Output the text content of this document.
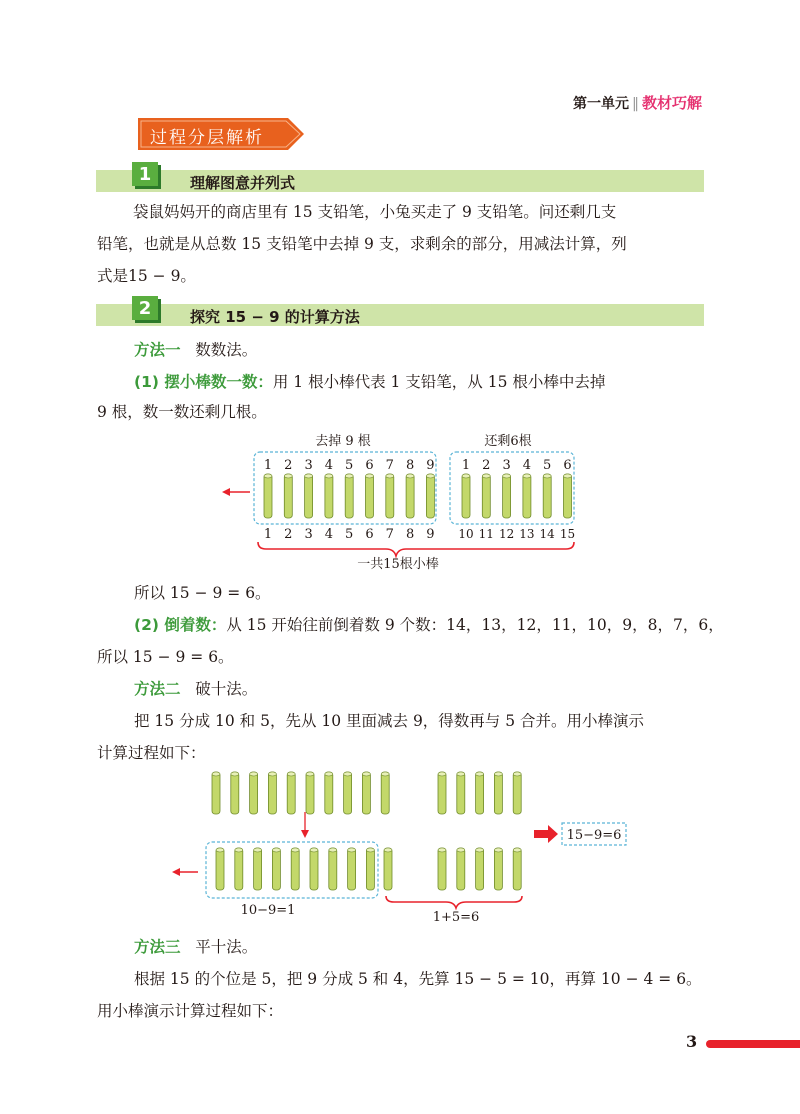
第一单元 ‖ 教材巧解
过程分层解析
1	理解图意并列式
袋鼠妈妈开的商店里有 15 支铅笔，小兔买走了 9 支铅笔。问还剩几支
铅笔，也就是从总数 15 支铅笔中去掉 9 支，求剩余的部分，用减法计算，列
式是15 − 9。
2	探究 15 − 9 的计算方法
方法一 数数法。
(1) 摆小棒数一数：用 1 根小棒代表 1 支铅笔，从 15 根小棒中去掉
9 根，数一数还剩几根。
去掉 9 根	还剩6根
1 2 3 4 5 6 7 8 9 1 2 3 4 5 6
1 2 3 4 5 6 7 8 9 10 11 12 13 14 15
一共15根小棒
所以 15 − 9 = 6。
(2) 倒着数：从 15 开始往前倒着数 9 个数：14，13，12，11，10，9，8，7，6，
所以 15 − 9 = 6。
方法二 破十法。
把 15 分成 10 和 5，先从 10 里面减去 9，得数再与 5 合并。用小棒演示
计算过程如下：
10−9=1	1+5=6
15−9=6
方法三 平十法。
根据 15 的个位是 5，把 9 分成 5 和 4，先算 15 − 5 = 10，再算 10 − 4 = 6。
用小棒演示计算过程如下：
3
